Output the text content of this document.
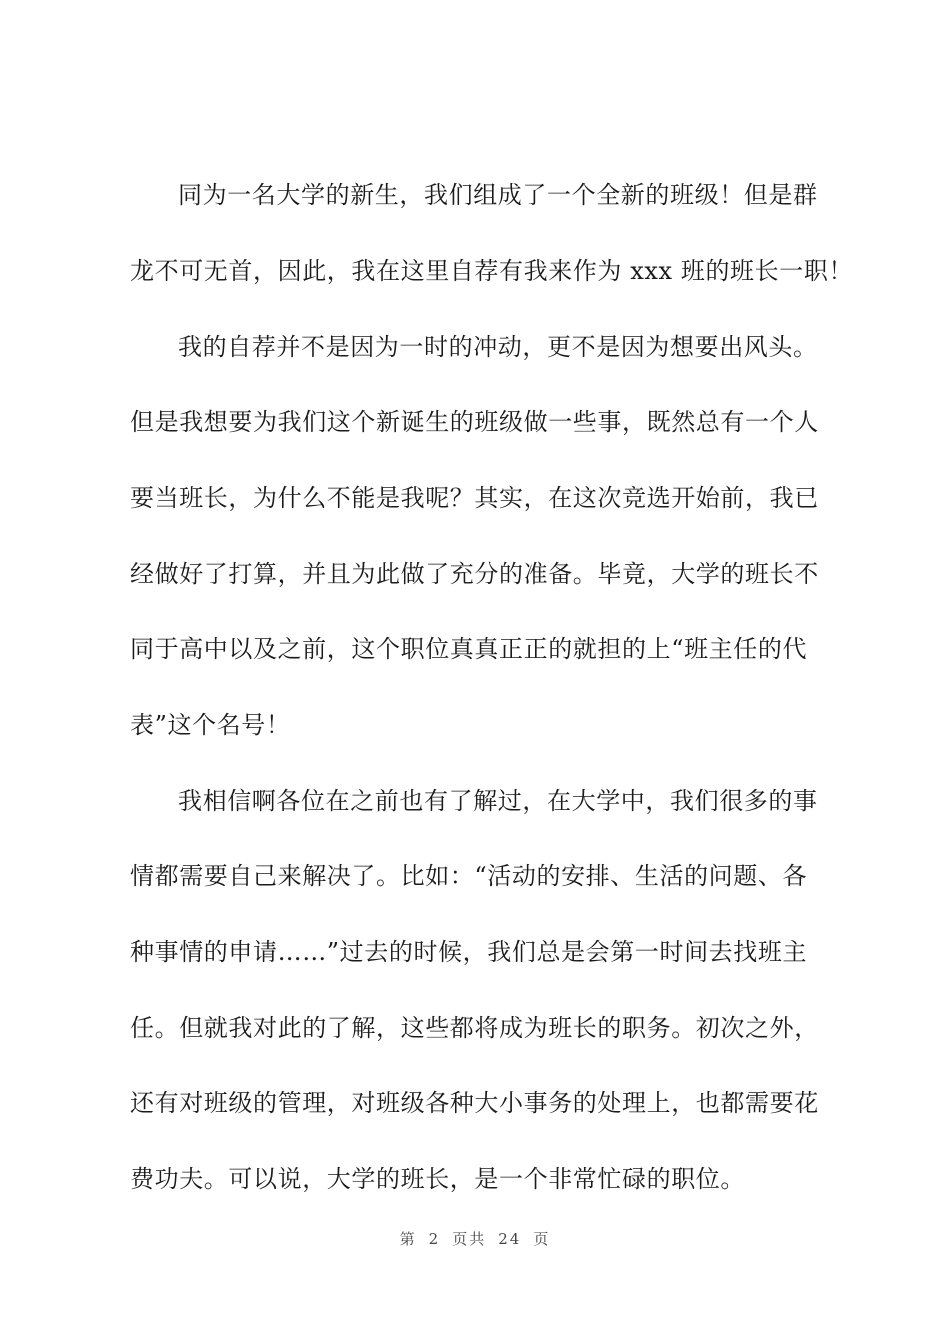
同为一名大学的新生，我们组成了一个全新的班级！但是群
龙不可无首，因此，我在这里自荐有我来作为 xxx 班的班长一职！
我的自荐并不是因为一时的冲动，更不是因为想要出风头。
但是我想要为我们这个新诞生的班级做一些事，既然总有一个人
要当班长，为什么不能是我呢？其实，在这次竞选开始前，我已
经做好了打算，并且为此做了充分的准备。毕竟，大学的班长不
同于高中以及之前，这个职位真真正正的就担的上“班主任的代
表”这个名号！
我相信啊各位在之前也有了解过，在大学中，我们很多的事
情都需要自己来解决了。比如：“活动的安排、生活的问题、各
种事情的申请……”过去的时候，我们总是会第一时间去找班主
任。但就我对此的了解，这些都将成为班长的职务。初次之外，
还有对班级的管理，对班级各种大小事务的处理上，也都需要花
费功夫。可以说，大学的班长，是一个非常忙碌的职位。
第 2 页共 24 页
